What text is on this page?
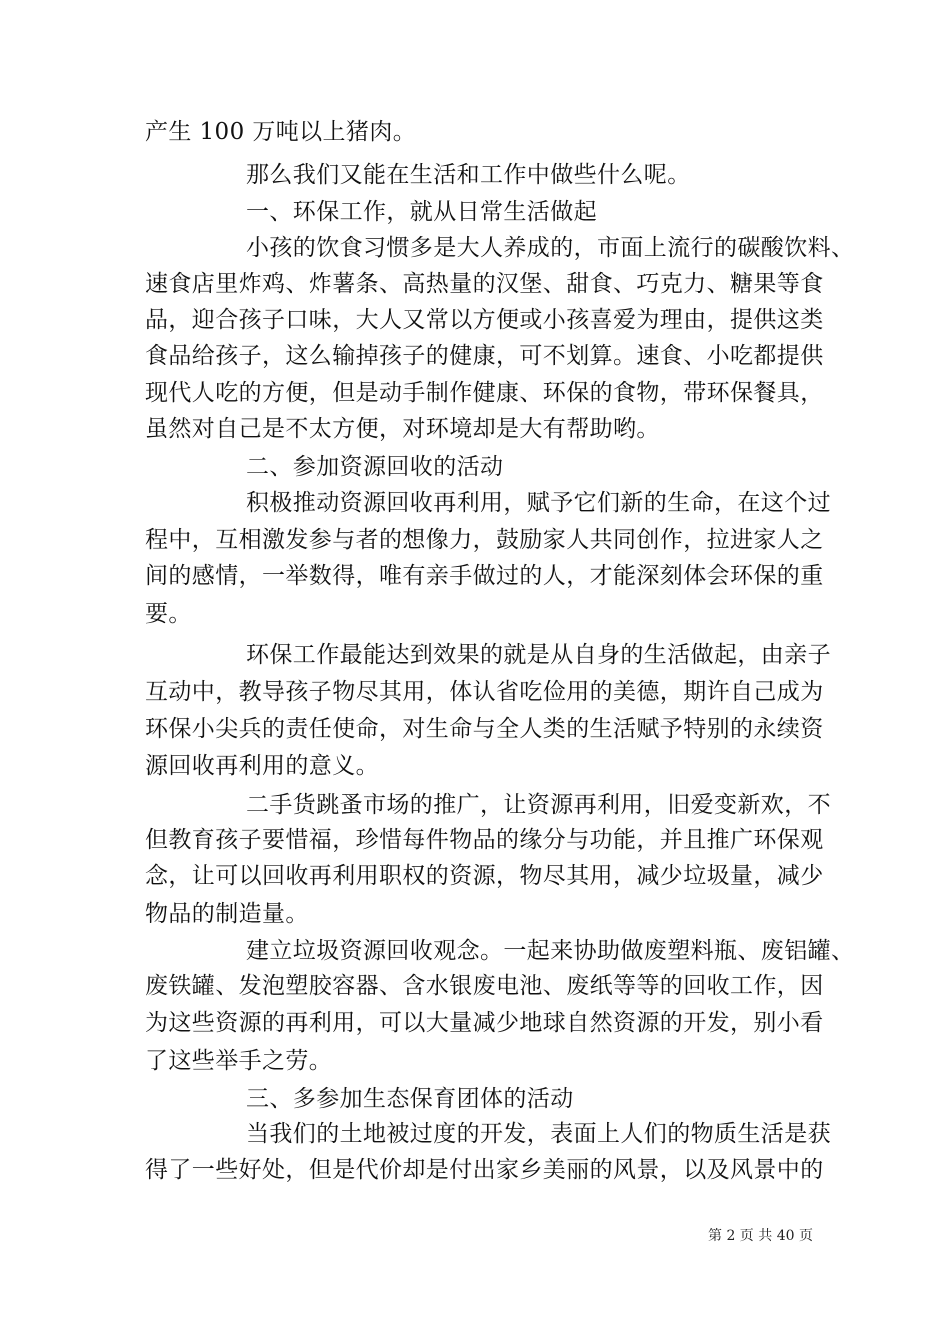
产生 100 万吨以上猪肉。
那么我们又能在生活和工作中做些什么呢。
一、环保工作，就从日常生活做起
小孩的饮食习惯多是大人养成的，市面上流行的碳酸饮料、
速食店里炸鸡、炸薯条、高热量的汉堡、甜食、巧克力、糖果等食
品，迎合孩子口味，大人又常以方便或小孩喜爱为理由，提供这类
食品给孩子，这么输掉孩子的健康，可不划算。速食、小吃都提供
现代人吃的方便，但是动手制作健康、环保的食物，带环保餐具，
虽然对自己是不太方便，对环境却是大有帮助哟。
二、参加资源回收的活动
积极推动资源回收再利用，赋予它们新的生命，在这个过
程中，互相激发参与者的想像力，鼓励家人共同创作，拉进家人之
间的感情，一举数得，唯有亲手做过的人，才能深刻体会环保的重
要。
环保工作最能达到效果的就是从自身的生活做起，由亲子
互动中，教导孩子物尽其用，体认省吃俭用的美德，期许自己成为
环保小尖兵的责任使命，对生命与全人类的生活赋予特别的永续资
源回收再利用的意义。
二手货跳蚤市场的推广，让资源再利用，旧爱变新欢，不
但教育孩子要惜福，珍惜每件物品的缘分与功能，并且推广环保观
念，让可以回收再利用职权的资源，物尽其用，减少垃圾量，减少
物品的制造量。
建立垃圾资源回收观念。一起来协助做废塑料瓶、废铝罐、
废铁罐、发泡塑胶容器、含水银废电池、废纸等等的回收工作，因
为这些资源的再利用，可以大量减少地球自然资源的开发，别小看
了这些举手之劳。
三、多参加生态保育团体的活动
当我们的土地被过度的开发，表面上人们的物质生活是获
得了一些好处，但是代价却是付出家乡美丽的风景，以及风景中的
第 2 页 共 40 页
